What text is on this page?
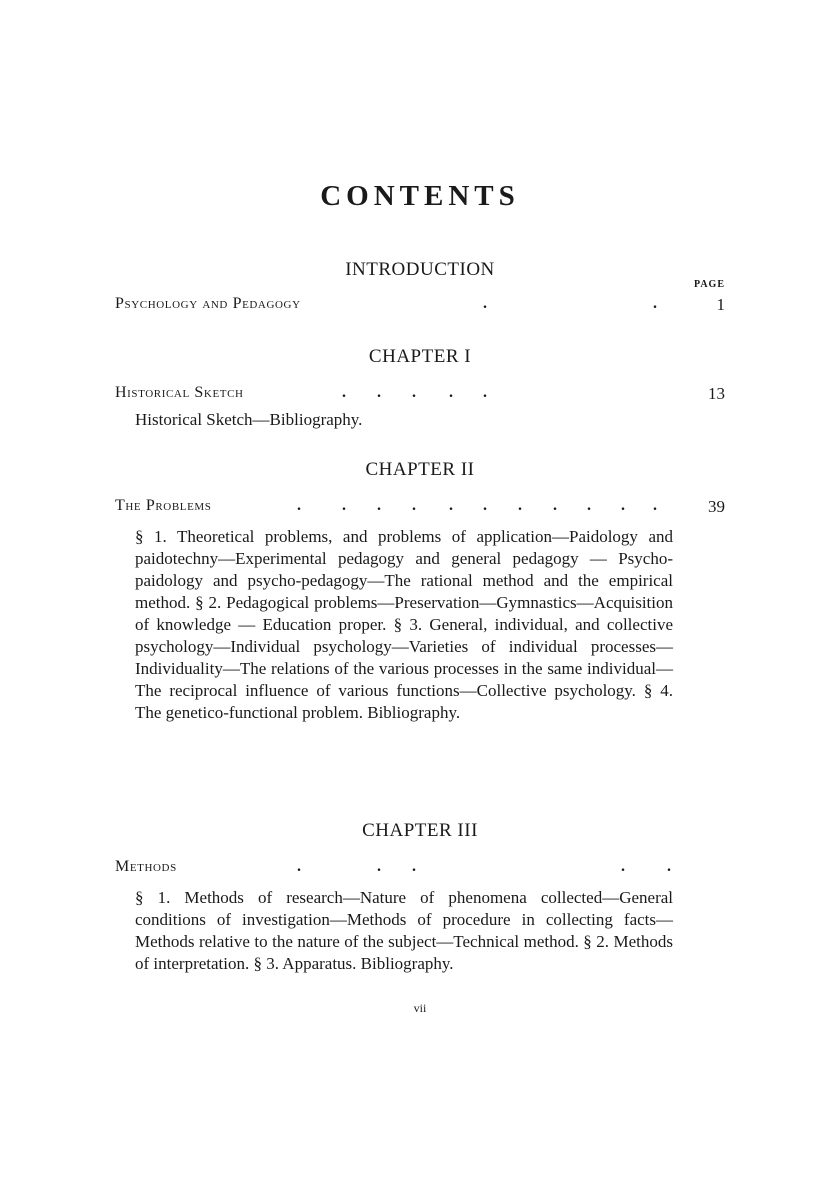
CONTENTS
INTRODUCTION
PAGE
Psychology and Pedagogy	.	.	1
CHAPTER I
Historical Sketch	. . . . .	13
Historical Sketch—Bibliography.
CHAPTER II
The Problems	.	. . . . . . . . . .	39
§ 1. Theoretical problems, and problems of application—Paidology and paidotechny—Experimental pedagogy and general pedagogy — Psycho-paidology and psycho-pedagogy—The rational method and the empirical method. § 2. Pedagogical problems—Preservation—Gymnastics—Acquisition of knowledge — Education proper. § 3. General, individual, and collective psychology—Individual psychology—Varieties of individual processes—Individuality—The relations of the various processes in the same individual—The reciprocal influence of various functions—Collective psychology. § 4. The genetico-functional problem. Bibliography.
CHAPTER III
Methods	.	. .	.	.
§ 1. Methods of research—Nature of phenomena collected—General conditions of investigation—Methods of procedure in collecting facts—Methods relative to the nature of the subject—Technical method. § 2. Methods of interpretation. § 3. Apparatus. Bibliography.
vii
